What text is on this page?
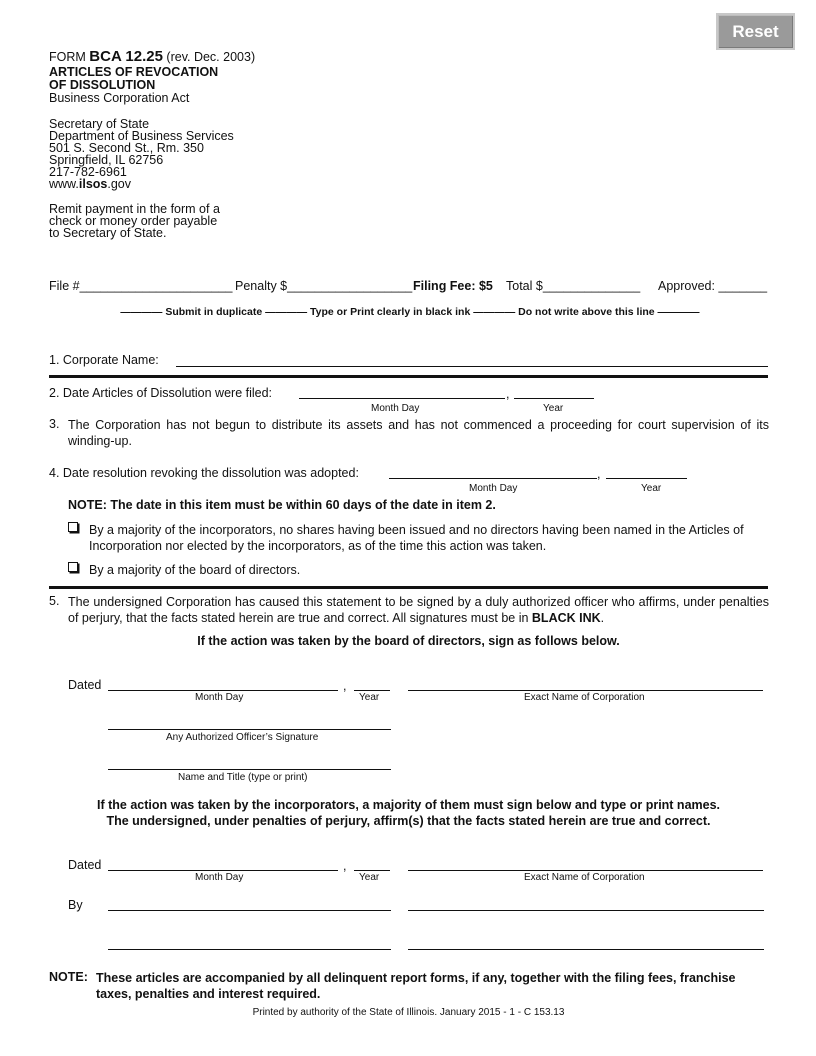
Reset
FORM BCA 12.25 (rev. Dec. 2003)
ARTICLES OF REVOCATION
OF DISSOLUTION
Business Corporation Act
Secretary of State
Department of Business Services
501 S. Second St., Rm. 350
Springfield, IL 62756
217-782-6961
www.ilsos.gov
Remit payment in the form of a
check or money order payable
to Secretary of State.
File #______________________ Penalty $__________________ Filing Fee: $5 Total $______________ Approved: _______
———— Submit in duplicate ———— Type or Print clearly in black ink ———— Do not write above this line ————
1. Corporate Name:
2. Date Articles of Dissolution were filed:	,
Month Day	Year
3. The Corporation has not begun to distribute its assets and has not commenced a proceeding for court supervision of its winding-up.
4. Date resolution revoking the dissolution was adopted:	,
Month Day	Year
NOTE: The date in this item must be within 60 days of the date in item 2.
By a majority of the incorporators, no shares having been issued and no directors having been named in the Articles of Incorporation nor elected by the incorporators, as of the time this action was taken.
By a majority of the board of directors.
5. The undersigned Corporation has caused this statement to be signed by a duly authorized officer who affirms, under penalties of perjury, that the facts stated herein are true and correct. All signatures must be in BLACK INK.
If the action was taken by the board of directors, sign as follows below.
Dated	,
Month Day	Year	Exact Name of Corporation
Any Authorized Officer’s Signature
Name and Title (type or print)
If the action was taken by the incorporators, a majority of them must sign below and type or print names.
The undersigned, under penalties of perjury, affirm(s) that the facts stated herein are true and correct.
Dated	,
Month Day	Year	Exact Name of Corporation
By
NOTE: These articles are accompanied by all delinquent report forms, if any, together with the filing fees, franchise taxes, penalties and interest required.
Printed by authority of the State of Illinois. January 2015 - 1 - C 153.13
